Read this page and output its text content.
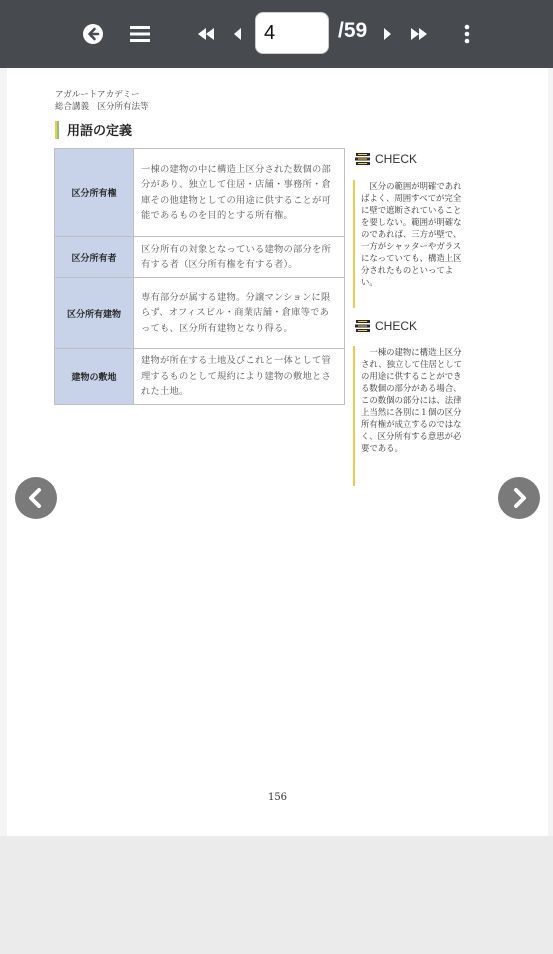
4
/59
アガルートアカデミー
総合講義　区分所有法等
用語の定義
区分所有権	一棟の建物の中に構造上区分された数個の部分があり、独立して住居・店舗・事務所・倉庫その他建物としての用途に供することが可能であるものを目的とする所有権。
区分所有者	区分所有の対象となっている建物の部分を所有する者（区分所有権を有する者）。
区分所有建物	専有部分が属する建物。分譲マンションに限らず、オフィスビル・商業店舗・倉庫等であっても、区分所有建物となり得る。
建物の敷地	建物が所在する土地及びこれと一体として管理するものとして規約により建物の敷地とされた土地。
CHECK
区分の範囲が明確であればよく、周囲すべてが完全に壁で遮断されていることを要しない。範囲が明確なのであれば、三方が壁で、一方がシャッターやガラスになっていても、構造上区分されたものといってよい。
CHECK
一棟の建物に構造上区分され、独立して住居としての用途に供することができる数個の部分がある場合、この数個の部分には、法律上当然に各別に１個の区分所有権が成立するのではなく、区分所有する意思が必要である。
156
